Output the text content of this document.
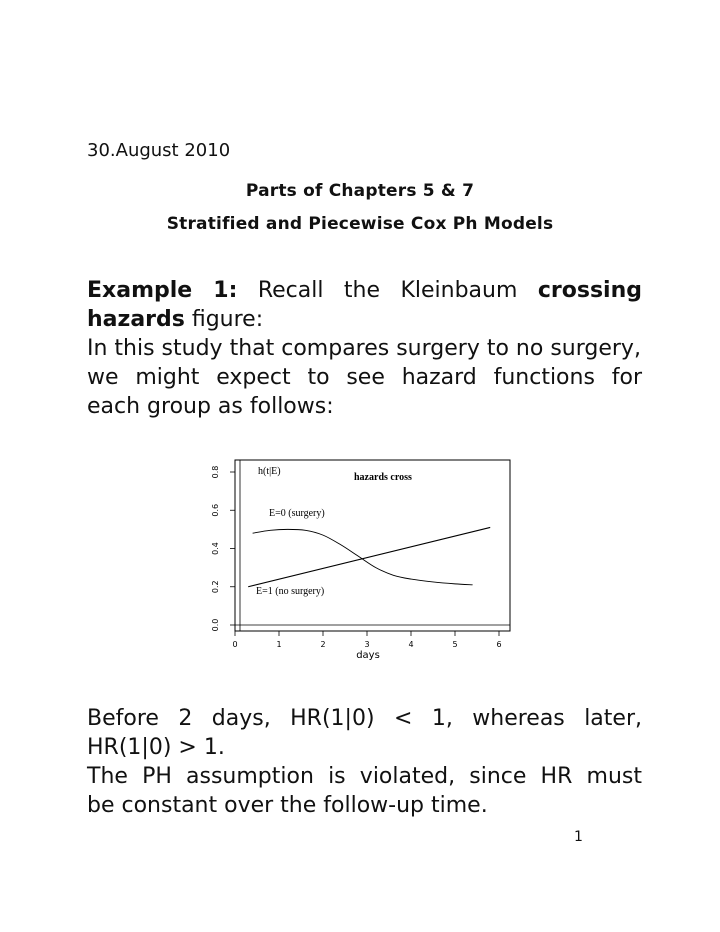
30.August 2010
Parts of Chapters 5 & 7
Stratified and Piecewise Cox Ph Models
Example 1: Recall the Kleinbaum crossing
hazards figure:
In this study that compares surgery to no surgery,
we might expect to see hazard functions for
each group as follows:
0.0
0.2
0.4
0.6
0.8
0	1	2	3	4	5	6
h(t|E)
hazards cross
E=0 (surgery)
E=1 (no surgery)
days
Before 2 days, HR(1|0) < 1, whereas later,
HR(1|0) > 1.
The PH assumption is violated, since HR must
be constant over the follow-up time.
1
